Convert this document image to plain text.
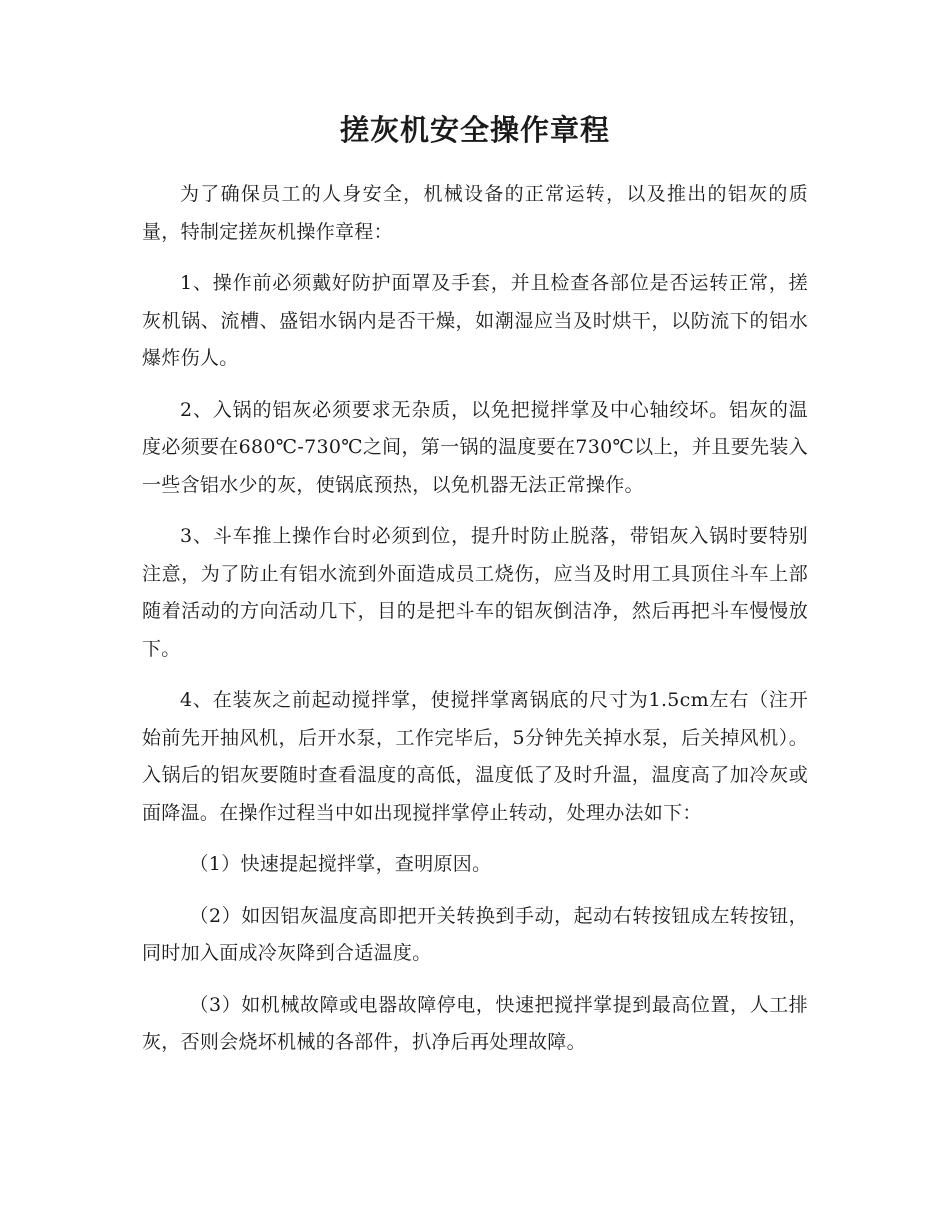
搓灰机安全操作章程

为了确保员工的人身安全，机械设备的正常运转，以及推出的铝灰的质量，特制定搓灰机操作章程：

1、操作前必须戴好防护面罩及手套，并且检查各部位是否运转正常，搓灰机锅、流槽、盛铝水锅内是否干燥，如潮湿应当及时烘干，以防流下的铝水爆炸伤人。

2、入锅的铝灰必须要求无杂质，以免把搅拌掌及中心轴绞坏。铝灰的温度必须要在680℃-730℃之间，第一锅的温度要在730℃以上，并且要先装入一些含铝水少的灰，使锅底预热，以免机器无法正常操作。

3、斗车推上操作台时必须到位，提升时防止脱落，带铝灰入锅时要特别注意，为了防止有铝水流到外面造成员工烧伤，应当及时用工具顶住斗车上部随着活动的方向活动几下，目的是把斗车的铝灰倒洁净，然后再把斗车慢慢放下。

4、在装灰之前起动搅拌掌，使搅拌掌离锅底的尺寸为1.5cm左右（注开始前先开抽风机，后开水泵，工作完毕后，5分钟先关掉水泵，后关掉风机）。入锅后的铝灰要随时查看温度的高低，温度低了及时升温，温度高了加冷灰或面降温。在操作过程当中如出现搅拌掌停止转动，处理办法如下：

（1）快速提起搅拌掌，查明原因。

（2）如因铝灰温度高即把开关转换到手动，起动右转按钮成左转按钮，同时加入面成冷灰降到合适温度。

（3）如机械故障或电器故障停电，快速把搅拌掌提到最高位置，人工排灰，否则会烧坏机械的各部件，扒净后再处理故障。
